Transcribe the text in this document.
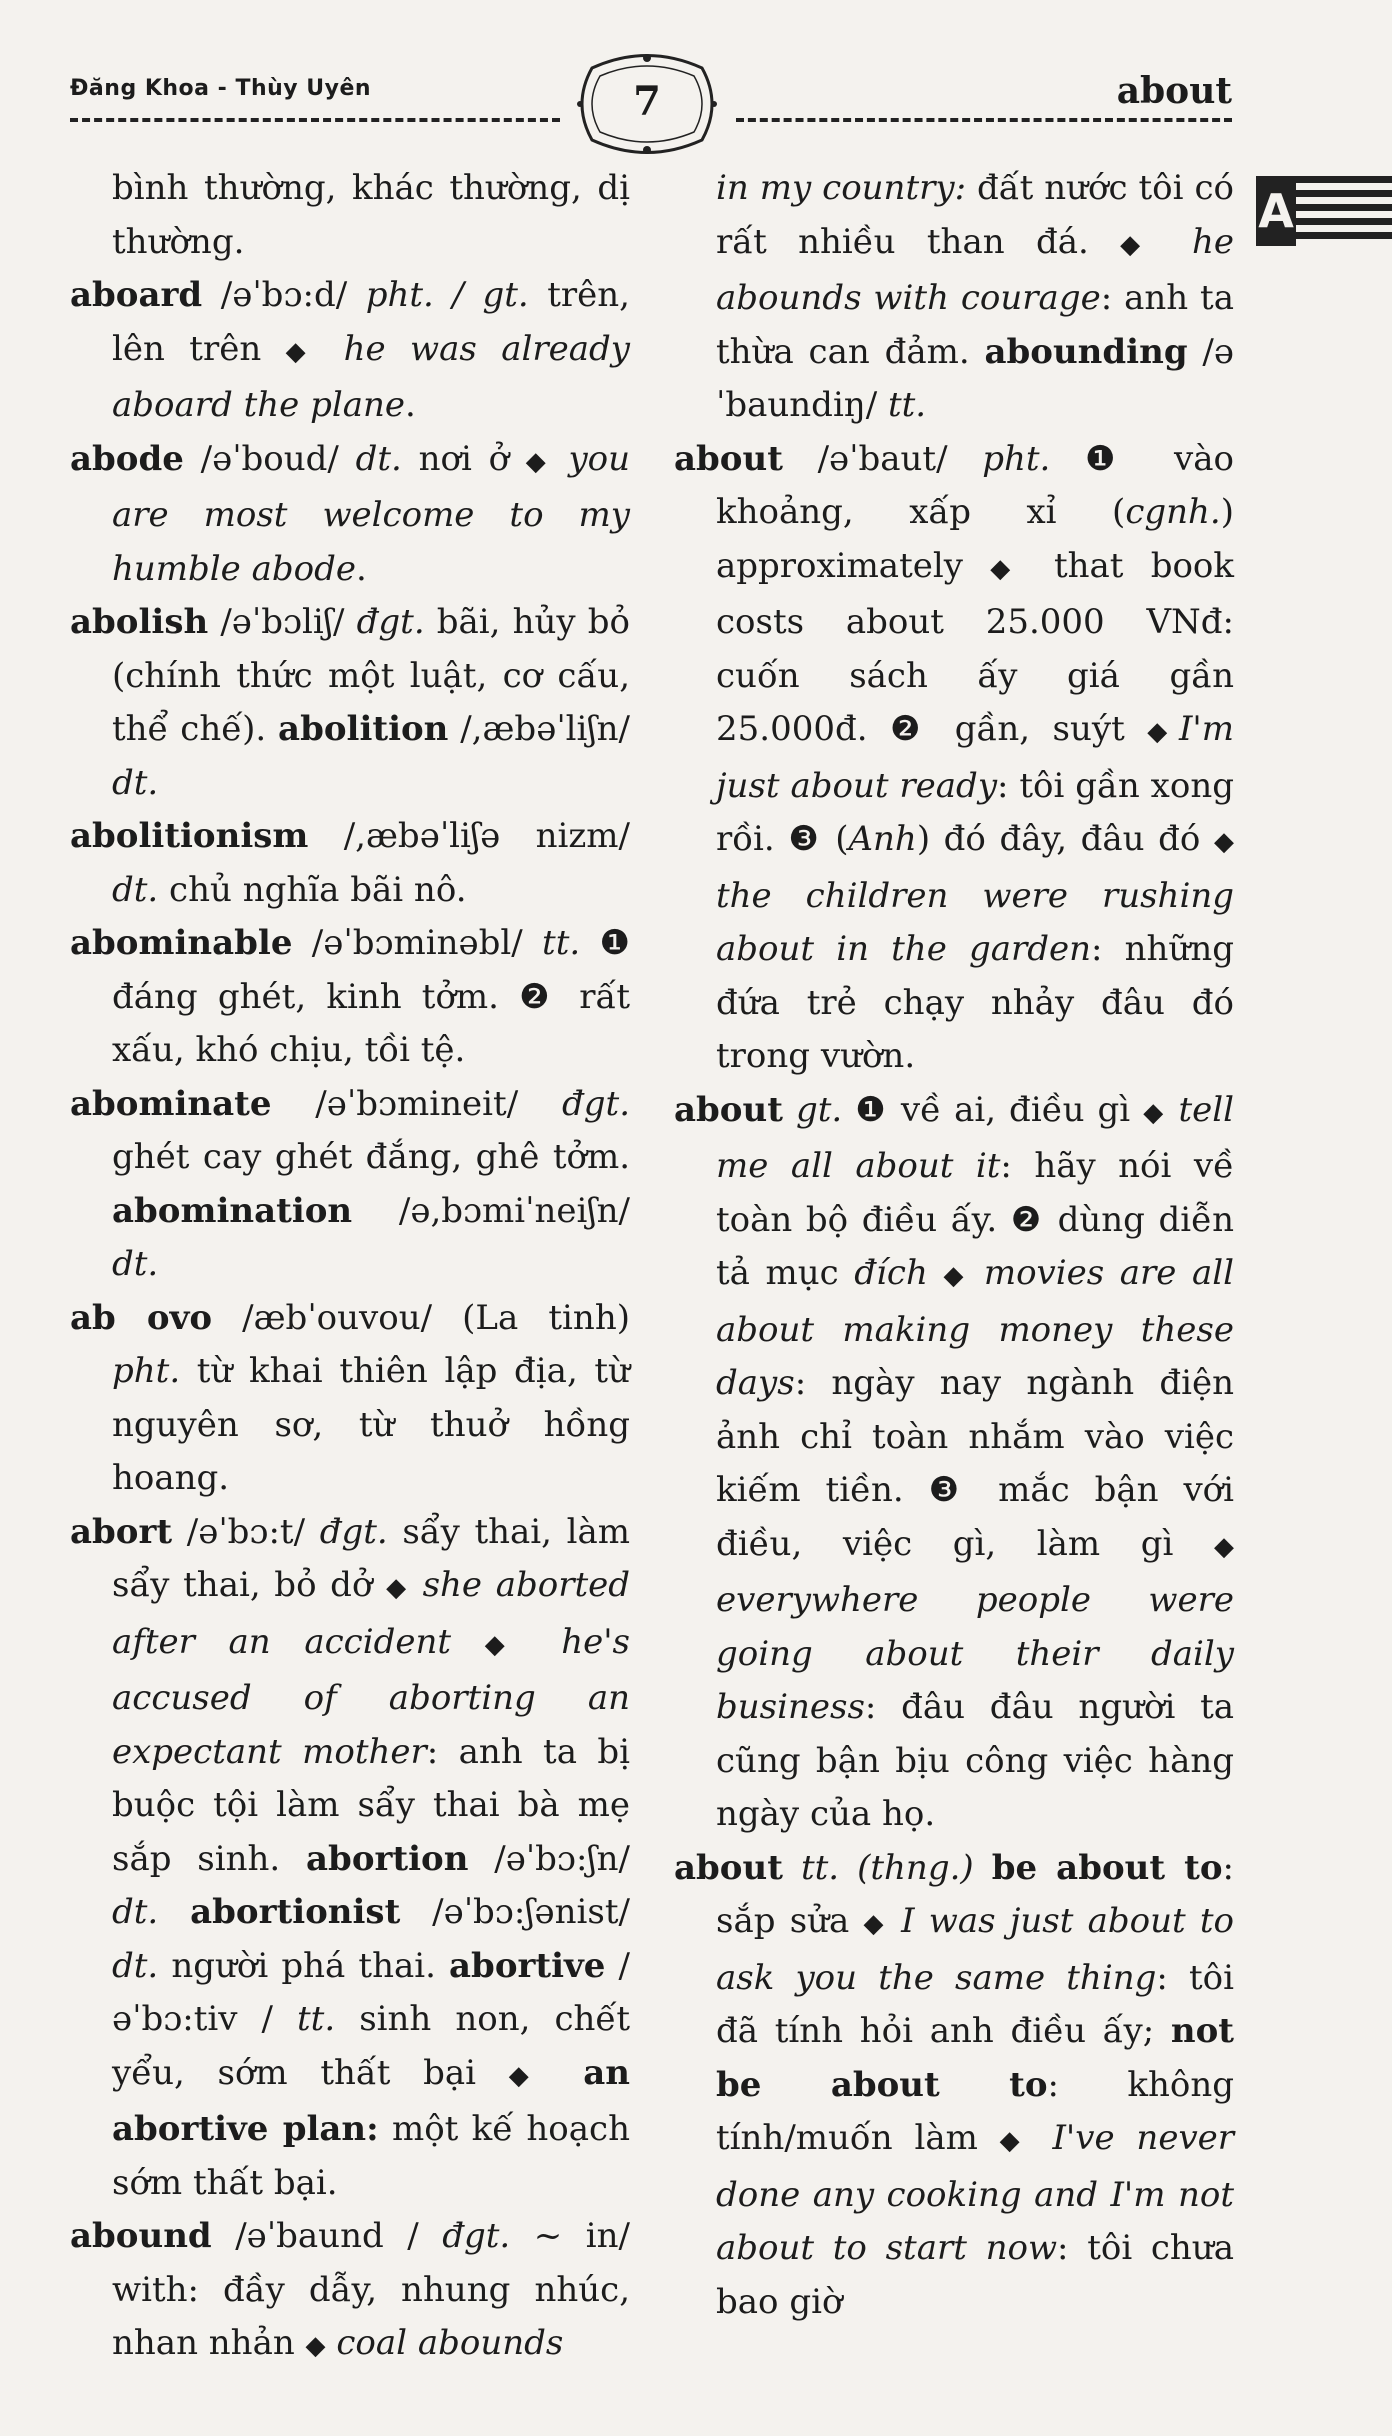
Đăng Khoa - Thùy Uyên	7	about
A

bình thường, khác thường, dị thường.

aboard /əˈbɔ:d/ pht. / gt. trên, lên trên ◆ he was already aboard the plane.

abode /əˈboud/ dt. nơi ở ◆ you are most welcome to my humble abode.

abolish /əˈbɔliʃ/ đgt. bãi, hủy bỏ (chính thức một luật, cơ cấu, thể chế). abolition /,æbəˈliʃn/ dt.

abolitionism /,æbəˈliʃə nizm/ dt. chủ nghĩa bãi nô.

abominable /əˈbɔminəbl/ tt. ❶ đáng ghét, kinh tởm. ❷ rất xấu, khó chịu, tồi tệ.

abominate /əˈbɔmineit/ đgt. ghét cay ghét đắng, ghê tởm. abomination /ə,bɔmiˈneiʃn/ dt.

ab ovo /æbˈouvou/ (La tinh) pht. từ khai thiên lập địa, từ nguyên sơ, từ thuở hồng hoang.

abort /əˈbɔ:t/ đgt. sẩy thai, làm sẩy thai, bỏ dở ◆ she aborted after an accident ◆ he's accused of aborting an expectant mother: anh ta bị buộc tội làm sẩy thai bà mẹ sắp sinh. abortion /əˈbɔ:ʃn/ dt. abortionist /əˈbɔ:ʃənist/ dt. người phá thai. abortive /əˈbɔ:tiv / tt. sinh non, chết yểu, sớm thất bại ◆ an abortive plan: một kế hoạch sớm thất bại.

abound /əˈbaund / đgt. ~ in/ with: đầy dẫy, nhung nhúc, nhan nhản ◆ coal abounds

in my country: đất nước tôi có rất nhiều than đá. ◆ he abounds with courage: anh ta thừa can đảm. abounding /əˈbaundiŋ/ tt.

about /əˈbaut/ pht. ❶ vào khoảng, xấp xỉ (cgnh.) approximately ◆ that book costs about 25.000 VNđ: cuốn sách ấy giá gần 25.000đ. ❷ gần, suýt ◆I'm just about ready: tôi gần xong rồi. ❸ (Anh) đó đây, đâu đó ◆ the children were rushing about in the garden: những đứa trẻ chạy nhảy đâu đó trong vườn.

about gt. ❶ về ai, điều gì ◆ tell me all about it: hãy nói về toàn bộ điều ấy. ❷ dùng diễn tả mục đích ◆ movies are all about making money these days: ngày nay ngành điện ảnh chỉ toàn nhắm vào việc kiếm tiền. ❸ mắc bận với điều, việc gì, làm gì ◆ everywhere people were going about their daily business: đâu đâu người ta cũng bận bịu công việc hàng ngày của họ.

about tt. (thng.) be about to: sắp sửa ◆ I was just about to ask you the same thing: tôi đã tính hỏi anh điều ấy; not be about to: không tính/muốn làm ◆ I've never done any cooking and I'm not about to start now: tôi chưa bao giờ
